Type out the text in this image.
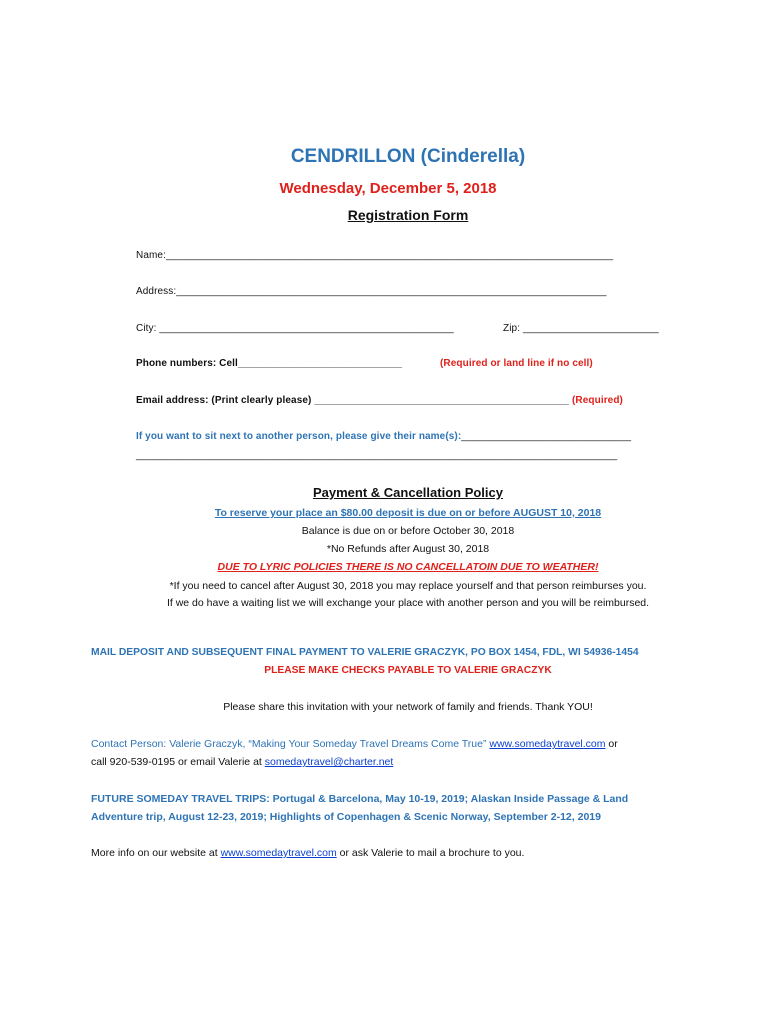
CENDRILLON (Cinderella)
Wednesday, December 5, 2018
Registration Form
Name:_______________________________________________________________________________
Address:____________________________________________________________________________
City: ____________________________________________________	Zip: ________________________
Phone numbers: Cell_____________________________	(Required or land line if no cell)
Email address: (Print clearly please) _____________________________________________ (Required)
If you want to sit next to another person, please give their name(s):______________________________
_____________________________________________________________________________________
Payment & Cancellation Policy
To reserve your place an $80.00 deposit is due on or before AUGUST 10, 2018
Balance is due on or before October 30, 2018
*No Refunds after August 30, 2018
DUE TO LYRIC POLICIES THERE IS NO CANCELLATOIN DUE TO WEATHER!
*If you need to cancel after August 30, 2018 you may replace yourself and that person reimburses you.
If we do have a waiting list we will exchange your place with another person and you will be reimbursed.
MAIL DEPOSIT AND SUBSEQUENT FINAL PAYMENT TO VALERIE GRACZYK, PO BOX 1454, FDL, WI 54936-1454
PLEASE MAKE CHECKS PAYABLE TO VALERIE GRACZYK
Please share this invitation with your network of family and friends. Thank YOU!
Contact Person: Valerie Graczyk, “Making Your Someday Travel Dreams Come True” www.somedaytravel.com or
call 920-539-0195 or email Valerie at somedaytravel@charter.net
FUTURE SOMEDAY TRAVEL TRIPS: Portugal & Barcelona, May 10-19, 2019; Alaskan Inside Passage & Land
Adventure trip, August 12-23, 2019; Highlights of Copenhagen & Scenic Norway, September 2-12, 2019
More info on our website at www.somedaytravel.com or ask Valerie to mail a brochure to you.
